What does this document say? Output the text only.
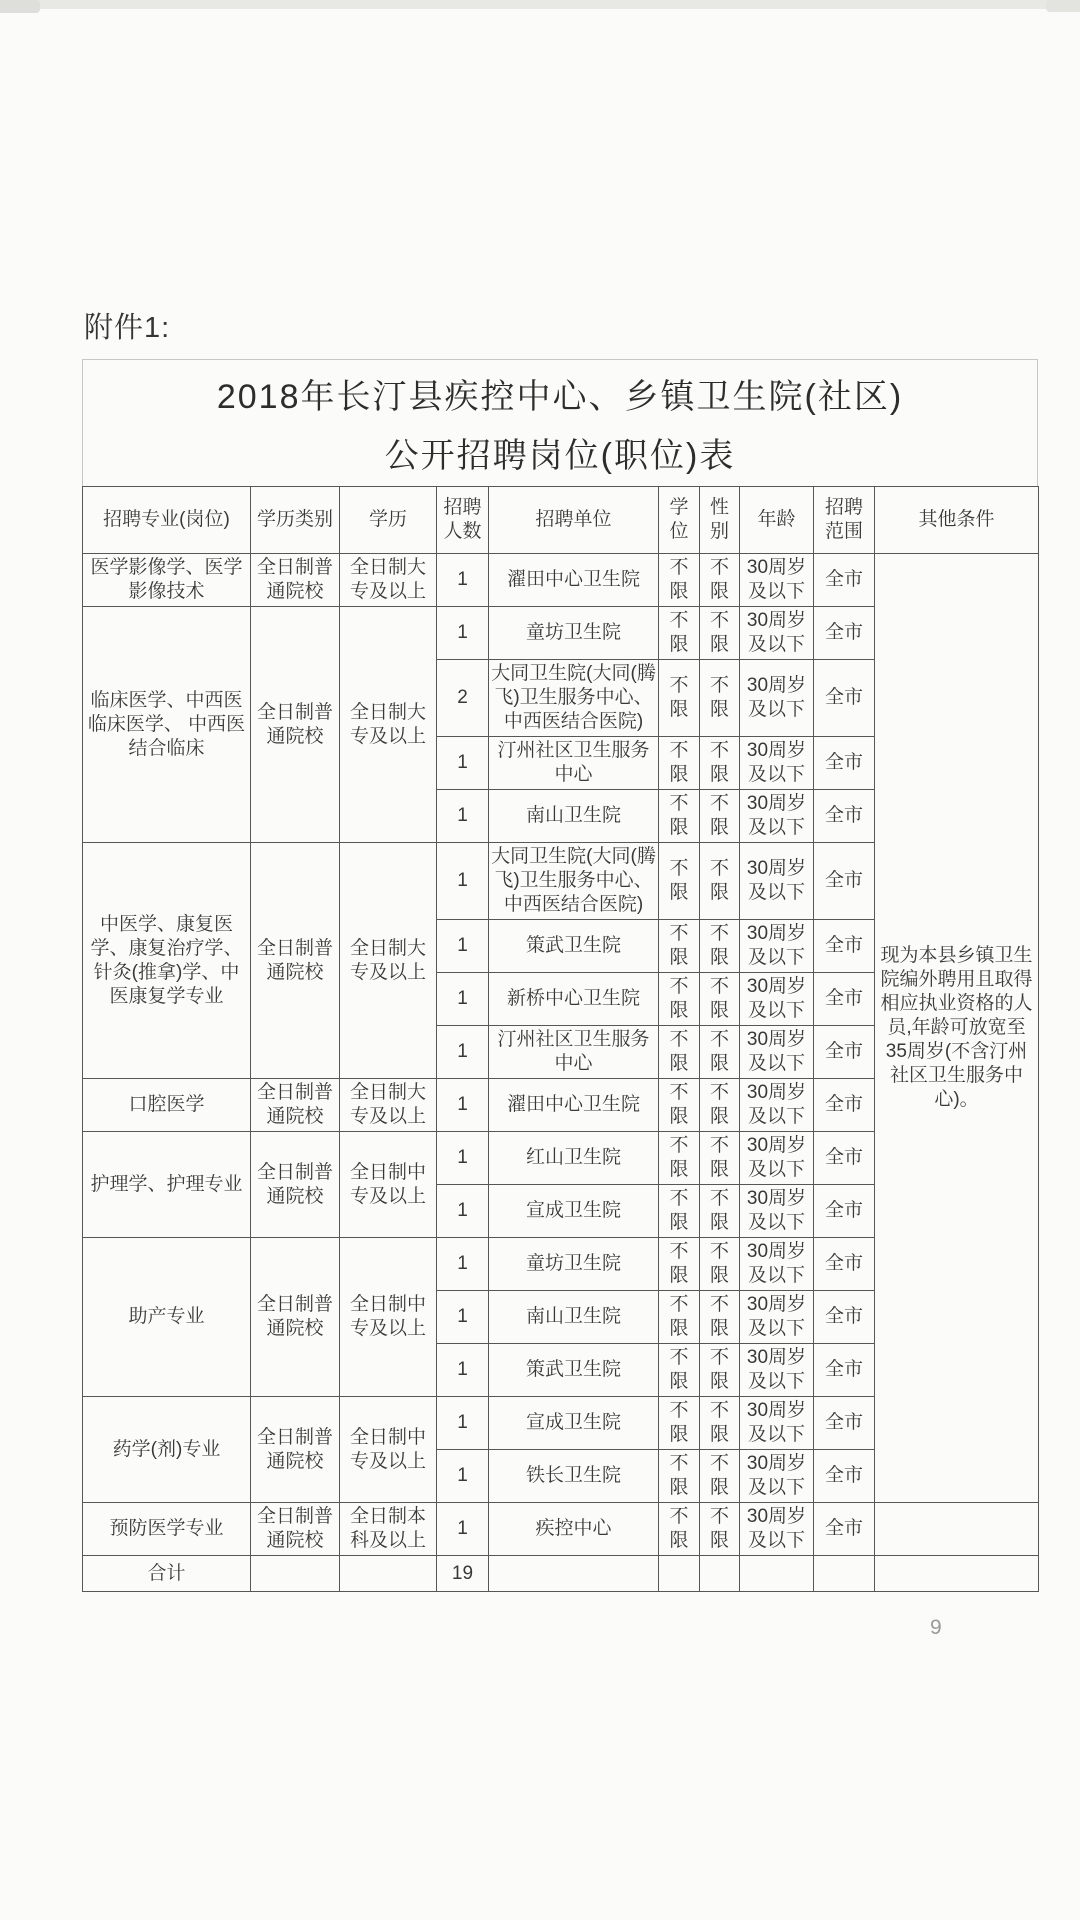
附件1:
2018年长汀县疾控中心、乡镇卫生院(社区)
公开招聘岗位(职位)表
招聘专业(岗位)	学历类别	学历	招聘人数	招聘单位	学位	性别	年龄	招聘范围	其他条件
医学影像学、医学影像技术	全日制普通院校	全日制大专及以上	1	濯田中心卫生院	不限	不限	30周岁及以下	全市	现为本县乡镇卫生院编外聘用且取得相应执业资格的人员,年龄可放宽至35周岁(不含汀州社区卫生服务中心)。
临床医学、中西医临床医学、 中西医结合临床	全日制普通院校	全日制大专及以上	1	童坊卫生院	不限	不限	30周岁及以下	全市	
			2	大同卫生院(大同(腾飞)卫生服务中心、中西医结合医院)	不限	不限	30周岁及以下	全市	
			1	汀州社区卫生服务中心	不限	不限	30周岁及以下	全市	
			1	南山卫生院	不限	不限	30周岁及以下	全市	
中医学、康复医学、康复治疗学、 针灸(推拿)学、中医康复学专业	全日制普通院校	全日制大专及以上	1	大同卫生院(大同(腾飞)卫生服务中心、中西医结合医院)	不限	不限	30周岁及以下	全市	
			1	策武卫生院	不限	不限	30周岁及以下	全市	
			1	新桥中心卫生院	不限	不限	30周岁及以下	全市	
			1	汀州社区卫生服务中心	不限	不限	30周岁及以下	全市	
口腔医学	全日制普通院校	全日制大专及以上	1	濯田中心卫生院	不限	不限	30周岁及以下	全市	
护理学、护理专业	全日制普通院校	全日制中专及以上	1	红山卫生院	不限	不限	30周岁及以下	全市	
			1	宣成卫生院	不限	不限	30周岁及以下	全市	
助产专业	全日制普通院校	全日制中专及以上	1	童坊卫生院	不限	不限	30周岁及以下	全市	
			1	南山卫生院	不限	不限	30周岁及以下	全市	
			1	策武卫生院	不限	不限	30周岁及以下	全市	
药学(剂)专业	全日制普通院校	全日制中专及以上	1	宣成卫生院	不限	不限	30周岁及以下	全市	
			1	铁长卫生院	不限	不限	30周岁及以下	全市	
预防医学专业	全日制普通院校	全日制本科及以上	1	疾控中心	不限	不限	30周岁及以下	全市	
合计			19						
9
